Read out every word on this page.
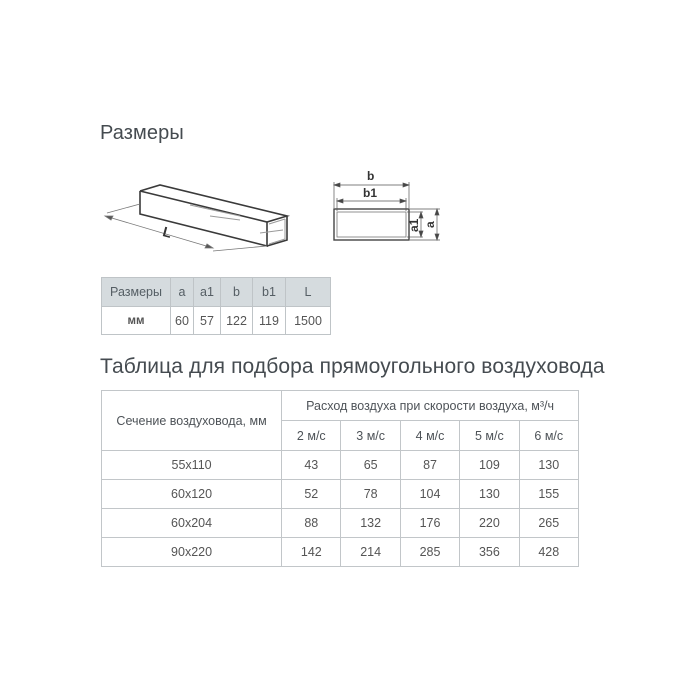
Размеры
L
b
b1
a1 a
Размеры	a	a1	b	b1	L
мм	60	57	122	119	1500
Таблица для подбора прямоугольного воздуховода
Сечение воздуховода, мм	Расход воздуха при скорости воздуха, м³/ч				
	2 м/с	3 м/с	4 м/с	5 м/с	6 м/с
55x110	43	65	87	109	130
60x120	52	78	104	130	155
60x204	88	132	176	220	265
90x220	142	214	285	356	428
